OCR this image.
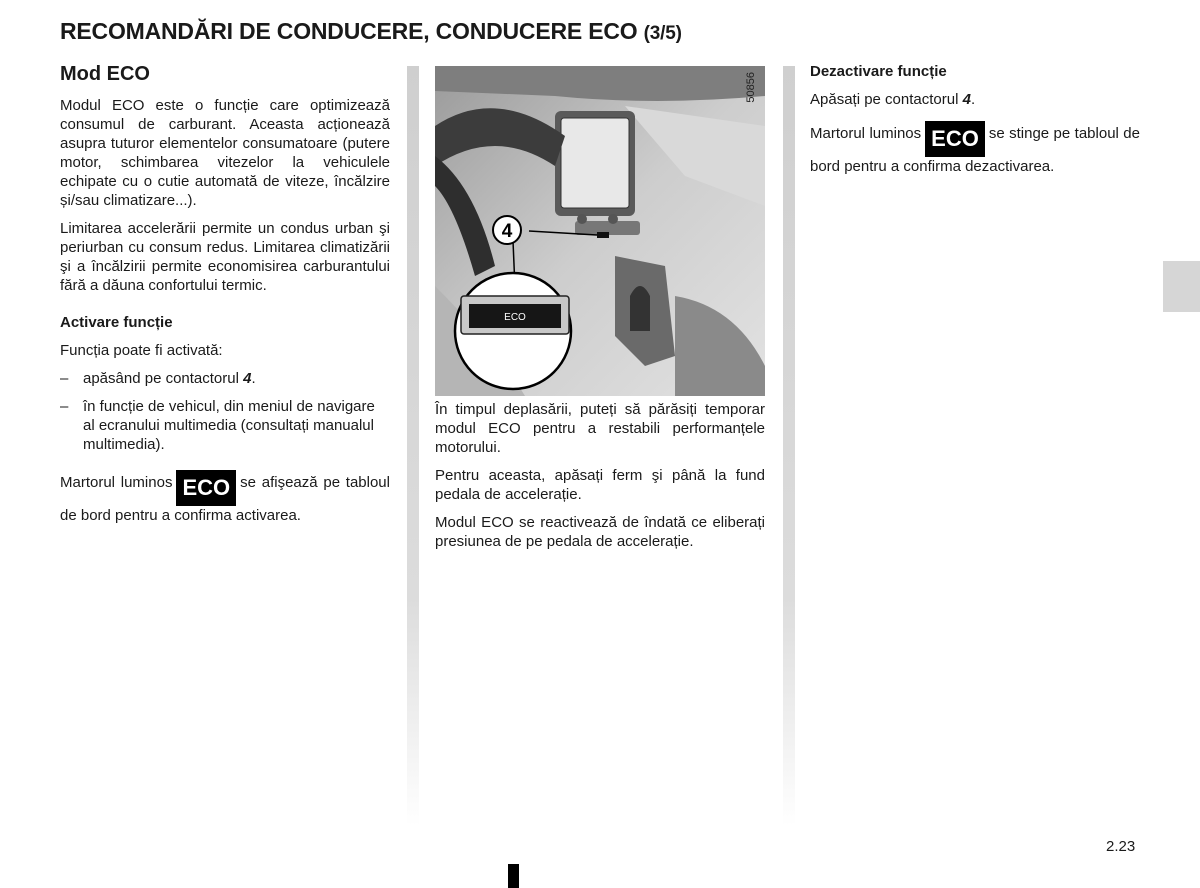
RECOMANDĂRI DE CONDUCERE, CONDUCERE ECO (3/5)
Mod ECO

Modul ECO este o funcție care optimizează consumul de carburant. Aceasta acționează asupra tuturor elementelor consumatoare (putere motor, schimbarea vitezelor la vehiculele echipate cu o cutie automată de viteze, încălzire și/sau climatizare...).

Limitarea accelerării permite un condus urban şi periurban cu consum redus. Limitarea climatizării şi a încălzirii permite economisirea carburantului fără a dăuna confortului termic.

Activare funcție

Funcția poate fi activată:

– apăsând pe contactorul 4.
– în funcție de vehicul, din meniul de navigare al ecranului multimedia (consultați manualul multimedia).

Martorul luminos ECO se afişează pe tabloul de bord pentru a confirma activarea.

ECO
4
50856

În timpul deplasării, puteți să părăsiți temporar modul ECO pentru a restabili performanțele motorului.

Pentru aceasta, apăsați ferm şi până la fund pedala de accelerație.

Modul ECO se reactivează de îndată ce eliberați presiunea de pe pedala de accelerație.

Dezactivare funcție

Apăsați pe contactorul 4.

Martorul luminos ECO se stinge pe tabloul de bord pentru a confirma dezactivarea.

2.23
